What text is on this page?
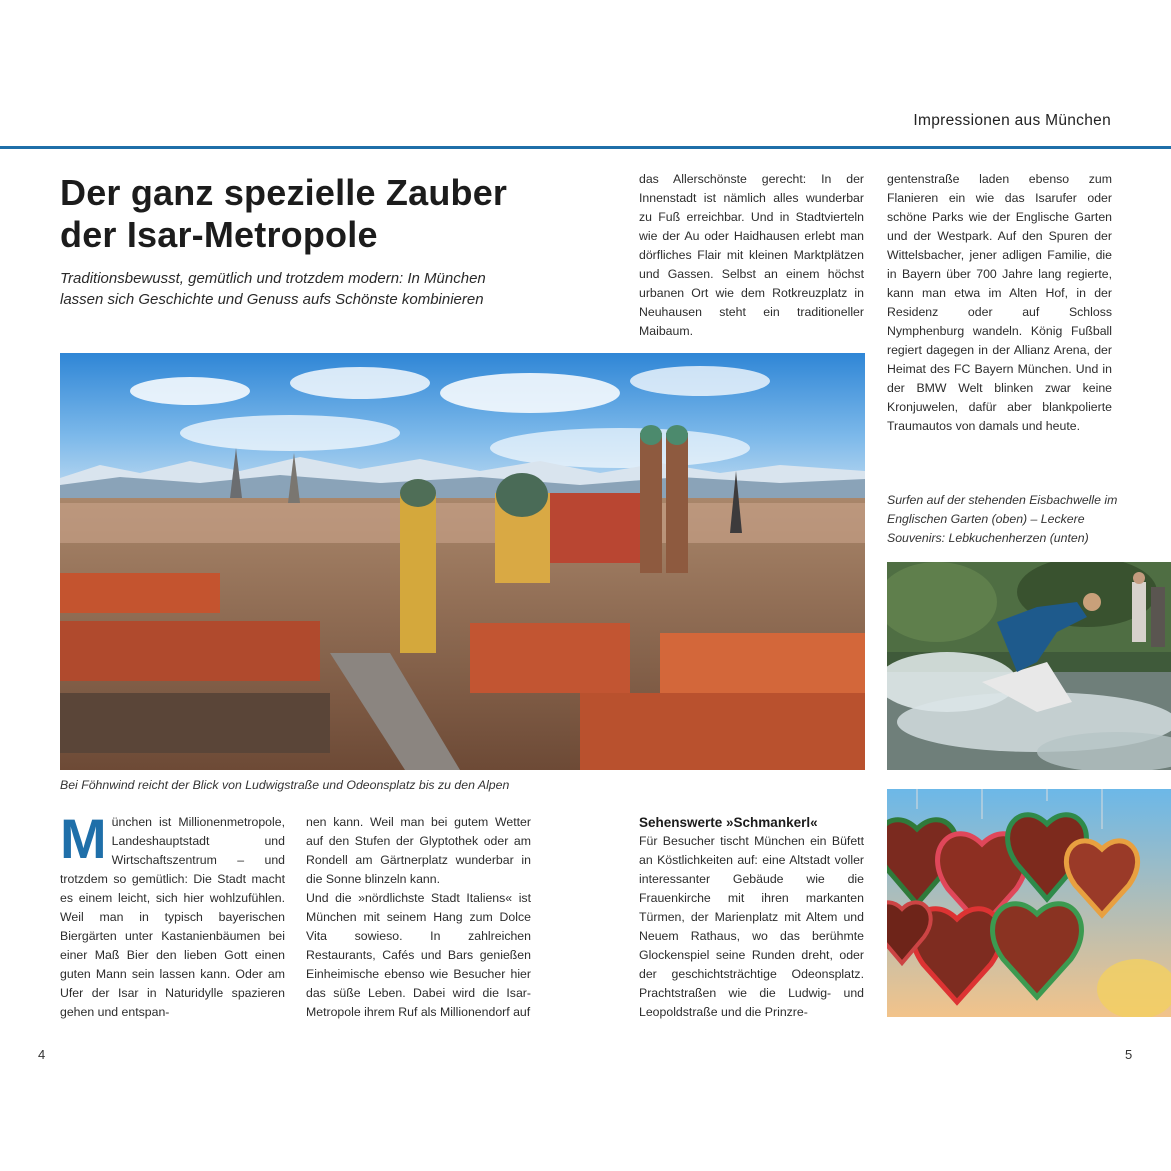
Impressionen aus München
Der ganz spezielle Zauber
der Isar-Metropole

Traditionsbewusst, gemütlich und trotzdem modern: In München lassen sich Geschichte und Genuss aufs Schönste kombinieren

Bei Föhnwind reicht der Blick von Ludwigstraße und Odeonsplatz bis zu den Alpen

das Allerschönste gerecht: In der Innenstadt ist nämlich alles wunderbar zu Fuß erreichbar. Und in Stadtvierteln wie der Au oder Haidhausen erlebt man dörfliches Flair mit kleinen Marktplätzen und Gassen. Selbst an einem höchst urbanen Ort wie dem Rotkreuzplatz in Neuhausen steht ein traditioneller Maibaum.

gentenstraße laden ebenso zum Flanieren ein wie das Isarufer oder schöne Parks wie der Englische Garten und der Westpark. Auf den Spuren der Wittelsbacher, jener adligen Familie, die in Bayern über 700 Jahre lang regierte, kann man etwa im Alten Hof, in der Residenz oder auf Schloss Nymphenburg wandeln. König Fußball regiert dagegen in der Allianz Arena, der Heimat des FC Bayern München. Und in der BMW Welt blinken zwar keine Kronjuwelen, dafür aber blankpolierte Traumautos von damals und heute.

Surfen auf der stehenden Eisbachwelle im Englischen Garten (oben) – Leckere Souvenirs: Lebkuchenherzen (unten)

M ünchen ist Millionenmetropole, Landeshauptstadt und Wirtschaftszentrum – und trotzdem so gemütlich: Die Stadt macht es einem leicht, sich hier wohlzufühlen. Weil man in typisch bayerischen Biergärten unter Kastanienbäumen bei einer Maß Bier den lieben Gott einen guten Mann sein lassen kann. Oder am Ufer der Isar in Naturidylle spazieren gehen und entspan-

nen kann. Weil man bei gutem Wetter auf den Stufen der Glyptothek oder am Rondell am Gärtnerplatz wunderbar in die Sonne blinzeln kann.

Und die »nördlichste Stadt Italiens« ist München mit seinem Hang zum Dolce Vita sowieso. In zahlreichen Restaurants, Cafés und Bars genießen Einheimische ebenso wie Besucher hier das süße Leben. Dabei wird die Isar-Metropole ihrem Ruf als Millionendorf auf

Sehenswerte »Schmankerl«

Für Besucher tischt München ein Büfett an Köstlichkeiten auf: eine Altstadt voller interessanter Gebäude wie die Frauenkirche mit ihren markanten Türmen, der Marienplatz mit Altem und Neuem Rathaus, wo das berühmte Glockenspiel seine Runden dreht, oder der geschichtsträchtige Odeonsplatz. Prachtstraßen wie die Ludwig- und Leopoldstraße und die Prinzre-

4	5
